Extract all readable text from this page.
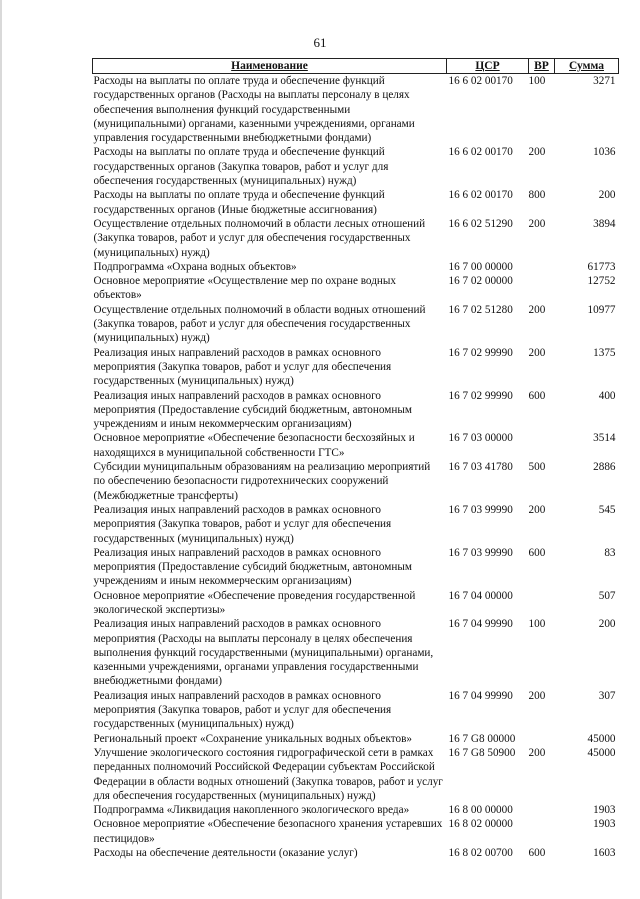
61
Наименование	ЦСР	ВР	Сумма
Расходы на выплаты по оплате труда и обеспечение функций государственных органов (Расходы на выплаты персоналу в целях обеспечения выполнения функций государственными (муниципальными) органами, казенными учреждениями, органами управления государственными внебюджетными фондами)	16 6 02 00170	100	3271
Расходы на выплаты по оплате труда и обеспечение функций государственных органов (Закупка товаров, работ и услуг для обеспечения государственных (муниципальных) нужд)	16 6 02 00170	200	1036
Расходы на выплаты по оплате труда и обеспечение функций государственных органов (Иные бюджетные ассигнования)	16 6 02 00170	800	200
Осуществление отдельных полномочий в области лесных отношений (Закупка товаров, работ и услуг для обеспечения государственных (муниципальных) нужд)	16 6 02 51290	200	3894
Подпрограмма «Охрана водных объектов»	16 7 00 00000		61773
Основное мероприятие «Осуществление мер по охране водных объектов»	16 7 02 00000		12752
Осуществление отдельных полномочий в области водных отношений (Закупка товаров, работ и услуг для обеспечения государственных (муниципальных) нужд)	16 7 02 51280	200	10977
Реализация иных направлений расходов в рамках основного мероприятия (Закупка товаров, работ и услуг для обеспечения государственных (муниципальных) нужд)	16 7 02 99990	200	1375
Реализация иных направлений расходов в рамках основного мероприятия (Предоставление субсидий бюджетным, автономным учреждениям и иным некоммерческим организациям)	16 7 02 99990	600	400
Основное мероприятие «Обеспечение безопасности бесхозяйных и находящихся в муниципальной собственности ГТС»	16 7 03 00000		3514
Субсидии муниципальным образованиям на реализацию мероприятий по обеспечению безопасности гидротехнических сооружений (Межбюджетные трансферты)	16 7 03 41780	500	2886
Реализация иных направлений расходов в рамках основного мероприятия (Закупка товаров, работ и услуг для обеспечения государственных (муниципальных) нужд)	16 7 03 99990	200	545
Реализация иных направлений расходов в рамках основного мероприятия (Предоставление субсидий бюджетным, автономным учреждениям и иным некоммерческим организациям)	16 7 03 99990	600	83
Основное мероприятие «Обеспечение проведения государственной экологической экспертизы»	16 7 04 00000		507
Реализация иных направлений расходов в рамках основного мероприятия (Расходы на выплаты персоналу в целях обеспечения выполнения функций государственными (муниципальными) органами, казенными учреждениями, органами управления государственными внебюджетными фондами)	16 7 04 99990	100	200
Реализация иных направлений расходов в рамках основного мероприятия (Закупка товаров, работ и услуг для обеспечения государственных (муниципальных) нужд)	16 7 04 99990	200	307
Региональный проект «Сохранение уникальных водных объектов»	16 7 G8 00000		45000
Улучшение экологического состояния гидрографической сети в рамках переданных полномочий Российской Федерации субъектам Российской Федерации в области водных отношений (Закупка товаров, работ и услуг для обеспечения государственных (муниципальных) нужд)	16 7 G8 50900	200	45000
Подпрограмма «Ликвидация накопленного экологического вреда»	16 8 00 00000		1903
Основное мероприятие «Обеспечение безопасного хранения устаревших пестицидов»	16 8 02 00000		1903
Расходы на обеспечение деятельности (оказание услуг)	16 8 02 00700	600	1603
